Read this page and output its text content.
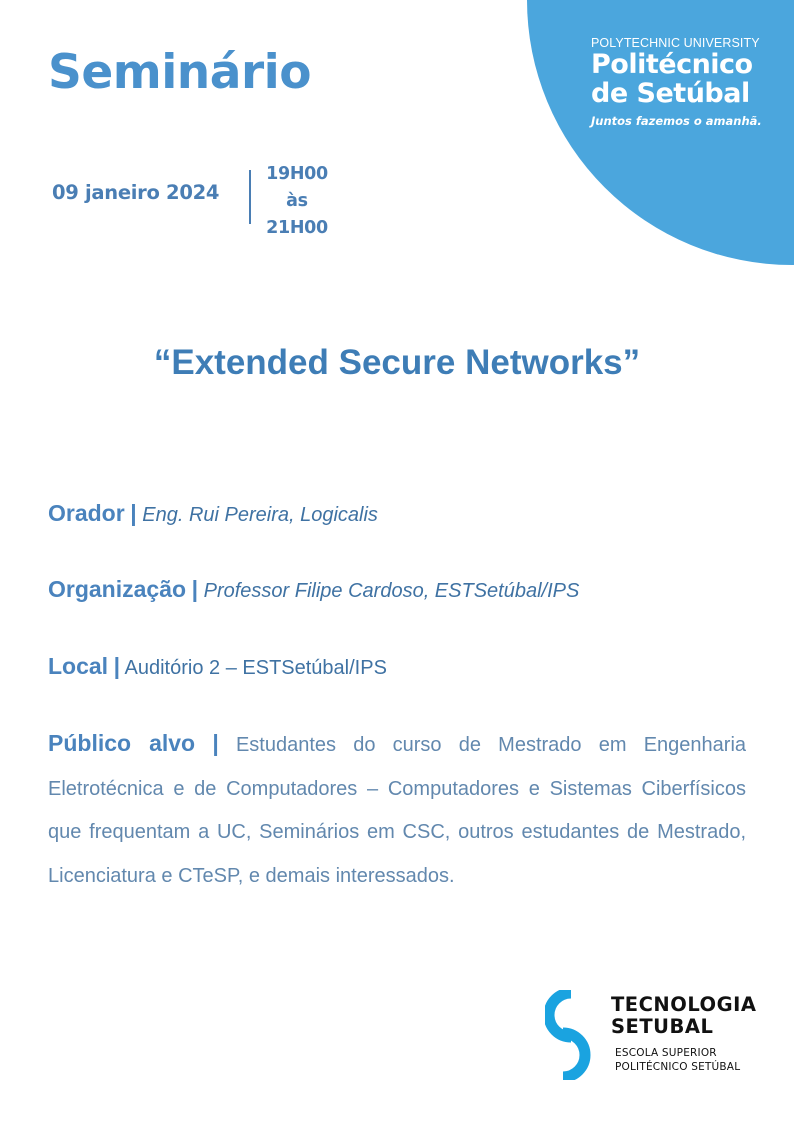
POLYTECHNIC UNIVERSITY
Politécnico
de Setúbal
Juntos fazemos o amanhã.
Seminário
09 janeiro 2024
19H00
às
21H00
“Extended Secure Networks”
Orador | Eng. Rui Pereira, Logicalis
Organização | Professor Filipe Cardoso, ESTSetúbal/IPS
Local | Auditório 2 – ESTSetúbal/IPS
Público alvo | Estudantes do curso de Mestrado em Engenharia Eletrotécnica e de Computadores – Computadores e Sistemas Ciberfísicos que frequentam a UC, Seminários em CSC, outros estudantes de Mestrado, Licenciatura e CTeSP, e demais interessados.
TECNOLOGIA
SETUBAL
ESCOLA SUPERIOR
POLITÉCNICO SETÚBAL
